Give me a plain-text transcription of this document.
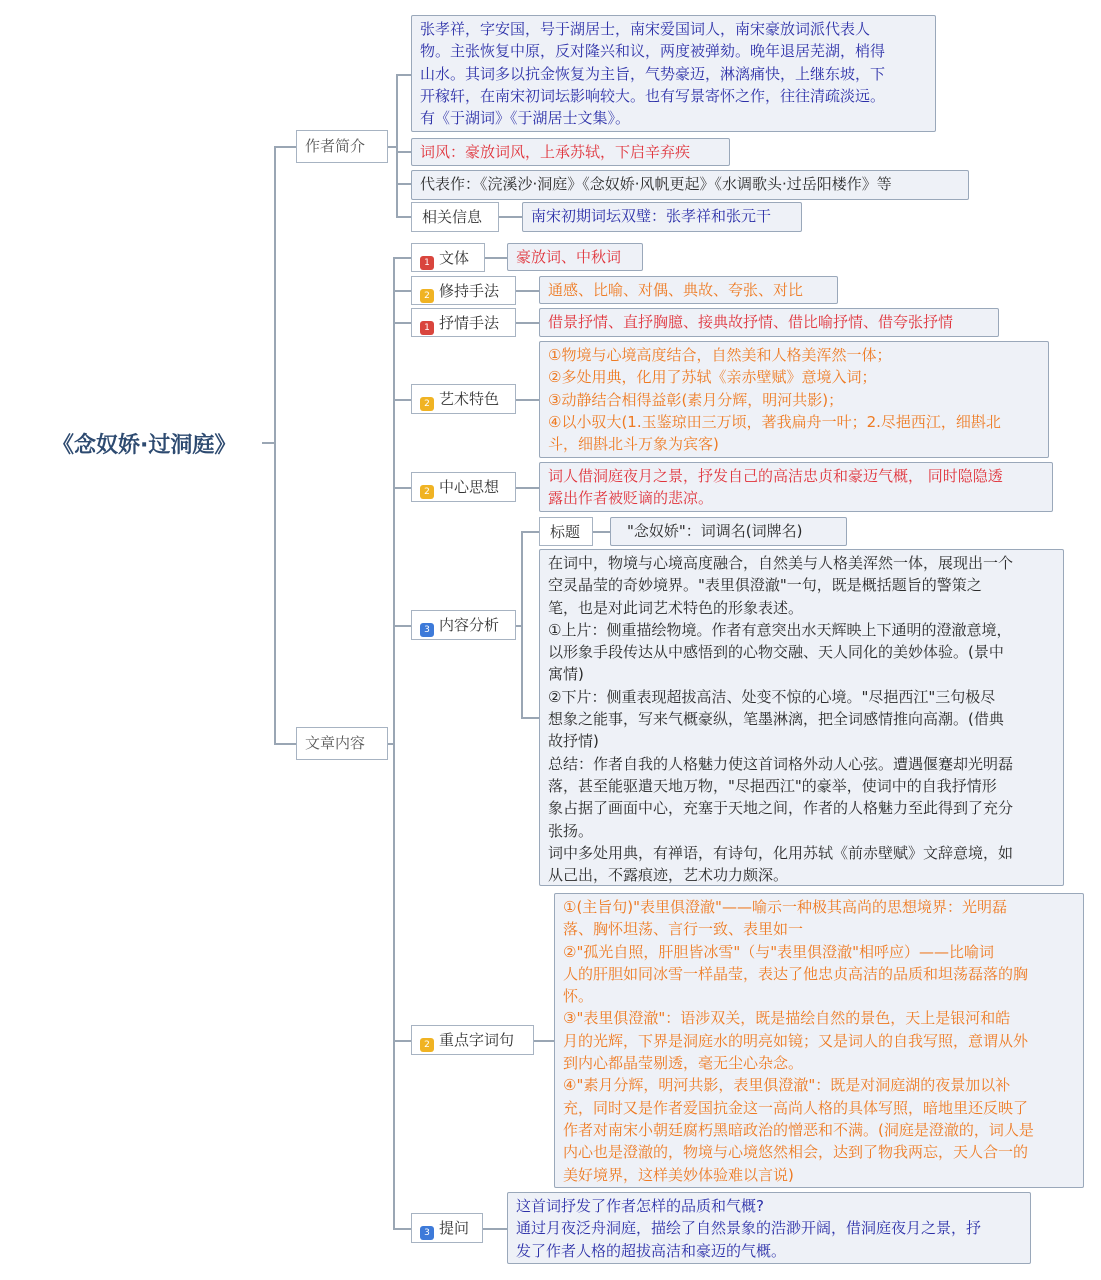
《念奴娇·过洞庭》
作者简介
张孝祥，字安国，号于湖居士，南宋爱国词人，南宋豪放词派代表人
物。主张恢复中原，反对隆兴和议，两度被弹劾。晚年退居芜湖，梢得
山水。其词多以抗金恢复为主旨，气势豪迈，淋漓痛快，上继东坡，下
开稼轩，在南宋初词坛影响较大。也有写景寄怀之作，往往清疏淡远。
有《于湖词》《于湖居士文集》。
词风：豪放词风，上承苏轼，下启辛弃疾
代表作：《浣溪沙·洞庭》《念奴娇·风帆更起》《水调歌头·过岳阳楼作》等
相关信息	南宋初期词坛双璧：张孝祥和张元干
文章内容
1 文体	豪放词、中秋词
2 修持手法	通感、比喻、对偶、典故、夸张、对比
1 抒情手法	借景抒情、直抒胸臆、接典故抒情、借比喻抒情、借夸张抒情
2 艺术特色
①物境与心境高度结合，自然美和人格美浑然一体；
②多处用典，化用了苏轼《亲赤壁赋》意境入词；
③动静结合相得益彰(素月分辉，明河共影)；
④以小驭大(1.玉鉴琼田三万顷，著我扁舟一叶；2.尽挹西江，细斟北
斗，细斟北斗万象为宾客)
2 中心思想
词人借洞庭夜月之景，抒发自己的高洁忠贞和豪迈气概， 同时隐隐透
露出作者被贬谪的悲凉。
3 内容分析
标题	"念奴娇"：词调名(词牌名)
在词中，物境与心境高度融合，自然美与人格美浑然一体，展现出一个
空灵晶莹的奇妙境界。"表里俱澄澈"一句，既是概括题旨的警策之
笔，也是对此词艺术特色的形象表述。
①上片：侧重描绘物境。作者有意突出水天辉映上下通明的澄澈意境，
以形象手段传达从中感悟到的心物交融、天人同化的美妙体验。(景中
寓情)
②下片：侧重表现超拔高洁、处变不惊的心境。"尽挹西江"三句极尽
想象之能事，写来气概豪纵，笔墨淋漓，把全词感情推向高潮。(借典
故抒情)
总结：作者自我的人格魅力使这首词格外动人心弦。遭遇偃蹇却光明磊
落，甚至能驱遣天地万物，"尽挹西江"的豪举，使词中的自我抒情形
象占据了画面中心，充塞于天地之间，作者的人格魅力至此得到了充分
张扬。
词中多处用典，有禅语，有诗句，化用苏轼《前赤壁赋》文辞意境，如
从己出，不露痕迹，艺术功力颇深。
2 重点字词句
①(主旨句)"表里俱澄澈"——喻示一种极其高尚的思想境界：光明磊
落、胸怀坦荡、言行一致、表里如一
②"孤光自照，肝胆皆冰雪"（与"表里俱澄澈"相呼应）——比喻词
人的肝胆如同冰雪一样晶莹，表达了他忠贞高洁的品质和坦荡磊落的胸
怀。
③"表里俱澄澈"：语涉双关，既是描绘自然的景色，天上是银河和皓
月的光辉，下界是洞庭水的明亮如镜；又是词人的自我写照，意谓从外
到内心都晶莹剔透，毫无尘心杂念。
④"素月分辉，明河共影，表里俱澄澈"：既是对洞庭湖的夜景加以补
充，同时又是作者爱国抗金这一高尚人格的具体写照，暗地里还反映了
作者对南宋小朝廷腐朽黑暗政治的憎恶和不满。(洞庭是澄澈的，词人是
内心也是澄澈的，物境与心境悠然相会，达到了物我两忘，天人合一的
美好境界，这样美妙体验难以言说)
3 提问
这首词抒发了作者怎样的品质和气概?
通过月夜泛舟洞庭，描绘了自然景象的浩渺开阔，借洞庭夜月之景，抒
发了作者人格的超拔高洁和豪迈的气概。
